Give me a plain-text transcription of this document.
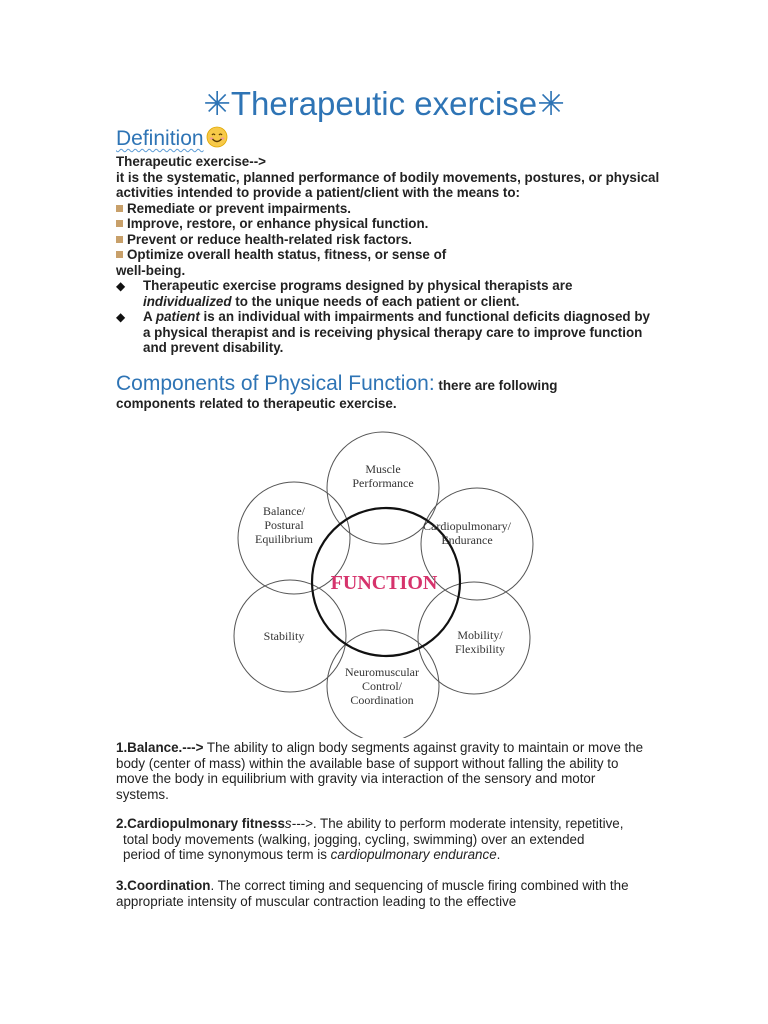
✳Therapeutic exercise✳
Definition

Therapeutic exercise-->

it is the systematic, planned performance of bodily movements, postures, or physical activities intended to provide a patient/client with the means to:

Remediate or prevent impairments.

Improve, restore, or enhance physical function.

Prevent or reduce health-related risk factors.

Optimize overall health status, fitness, or sense of

well-being.

◆ Therapeutic exercise programs designed by physical therapists are
individualized to the unique needs of each patient or client.

◆ A patient is an individual with impairments and functional deficits diagnosed by a physical therapist and is receiving physical therapy care to improve function and prevent disability.

Components of Physical Function: there are following
components related to therapeutic exercise.
FUNCTION
Muscle
Performance
Cardiopulmonary/
Endurance
Mobility/
Flexibility
Neuromuscular
Control/
Coordination
Stability
Balance/
Postural
Equilibrium

1.Balance.---> The ability to align body segments against gravity to maintain or move the body (center of mass) within the available base of support without falling the ability to move the body in equilibrium with gravity via interaction of the sensory and motor systems.

2.Cardiopulmonary fitnesss--->. The ability to perform moderate intensity, repetitive,
total body movements (walking, jogging, cycling, swimming) over an extended
period of time synonymous term is cardiopulmonary endurance.

3.Coordination. The correct timing and sequencing of muscle firing combined with the appropriate intensity of muscular contraction leading to the effective
